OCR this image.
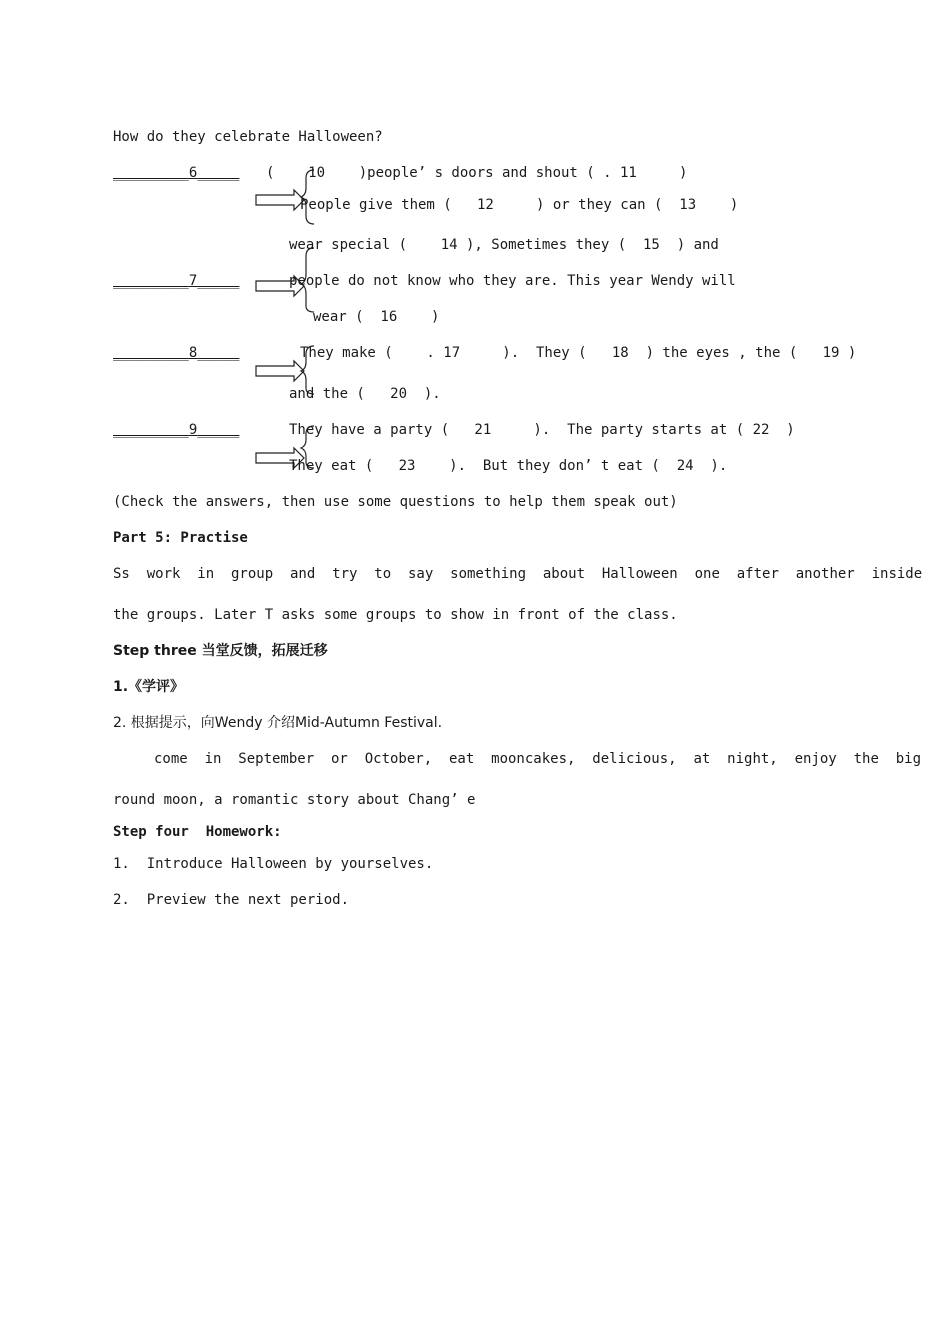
How do they celebrate Halloween?
_________6_____
_________7_____
_________8_____
_________9_____
(    10    )people’ s doors and shout ( . 11     )
People give them (   12     ) or they can (  13    )
wear special (    14 ), Sometimes they (  15  ) and
people do not know who they are. This year Wendy will
wear (  16    )
They make (    . 17     ).  They (   18  ) the eyes , the (   19 )
and the (   20  ).
They have a party (   21     ).  The party starts at ( 22  )
They eat (   23    ).  But they don’ t eat (  24  ).
(Check the answers, then use some questions to help them speak out)
Part 5: Practise
Ss  work  in  group  and  try  to  say  something  about  Halloween  one  after  another  inside
the groups. Later T asks some groups to show in front of the class.
Step three 当堂反馈，拓展迁移
1.《学评》
2. 根据提示，向Wendy 介绍Mid-Autumn Festival.
come  in  September  or  October,  eat  mooncakes,  delicious,  at  night,  enjoy  the  big
round moon, a romantic story about Chang’ e
Step four  Homework:
1.  Introduce Halloween by yourselves.
2.  Preview the next period.
